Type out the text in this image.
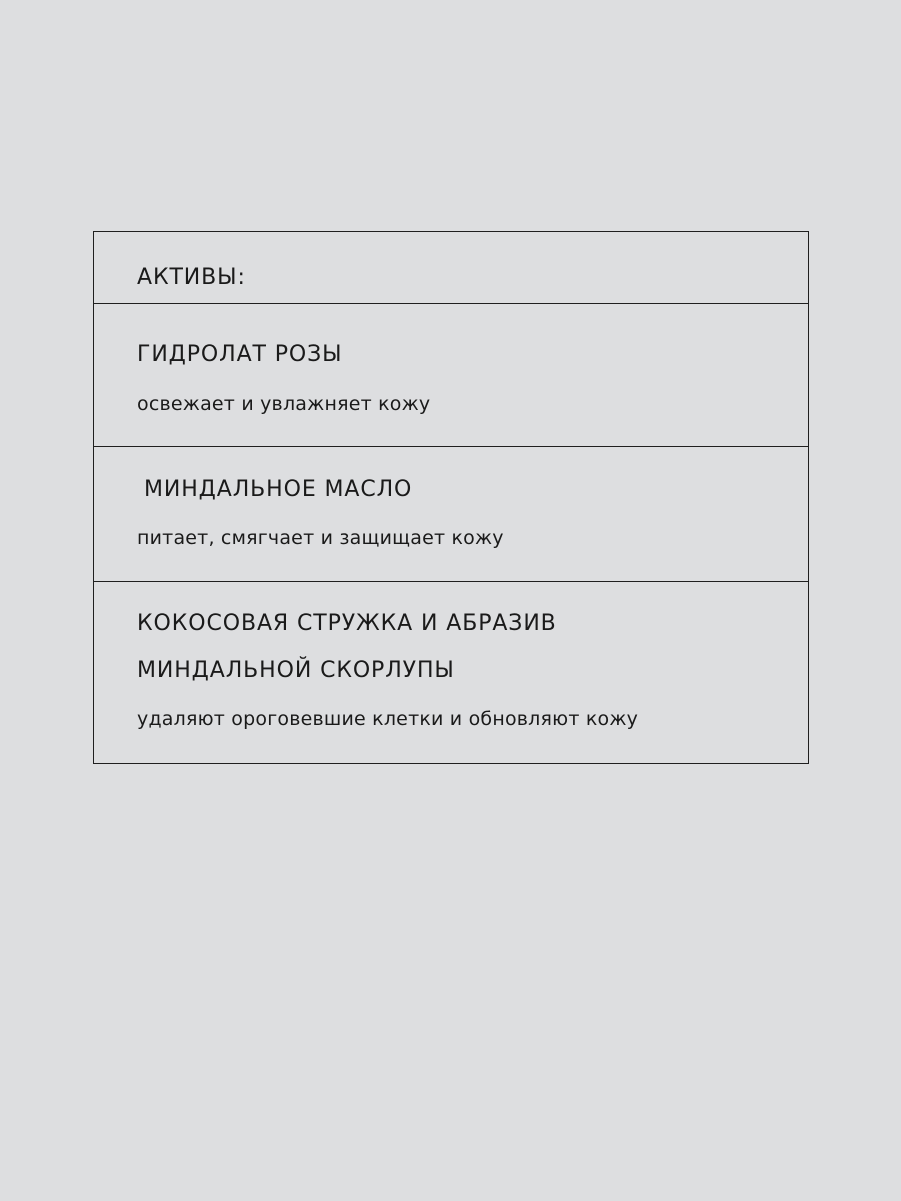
АКТИВЫ:
ГИДРОЛАТ РОЗЫ
освежает и увлажняет кожу
МИНДАЛЬНОЕ МАСЛО
питает, смягчает и защищает кожу
КОКОСОВАЯ СТРУЖКА И АБРАЗИВ
МИНДАЛЬНОЙ СКОРЛУПЫ
удаляют ороговевшие клетки и обновляют кожу
